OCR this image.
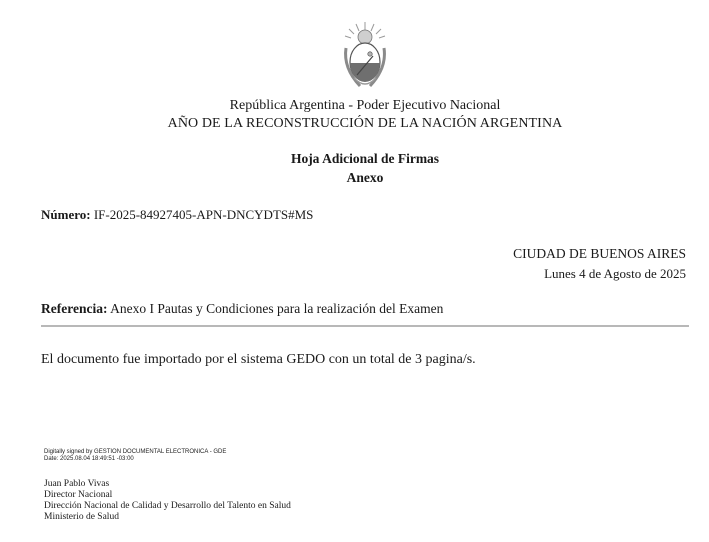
República Argentina - Poder Ejecutivo Nacional
AÑO DE LA RECONSTRUCCIÓN DE LA NACIÓN ARGENTINA
Hoja Adicional de Firmas
Anexo
Número: IF-2025-84927405-APN-DNCYDTS#MS
CIUDAD DE BUENOS AIRES
Lunes 4 de Agosto de 2025
Referencia: Anexo I Pautas y Condiciones para la realización del Examen
El documento fue importado por el sistema GEDO con un total de 3 pagina/s.
Digitally signed by GESTION DOCUMENTAL ELECTRONICA - GDE
Date: 2025.08.04 18:49:51 -03:00
Juan Pablo Vivas
Director Nacional
Dirección Nacional de Calidad y Desarrollo del Talento en Salud
Ministerio de Salud
